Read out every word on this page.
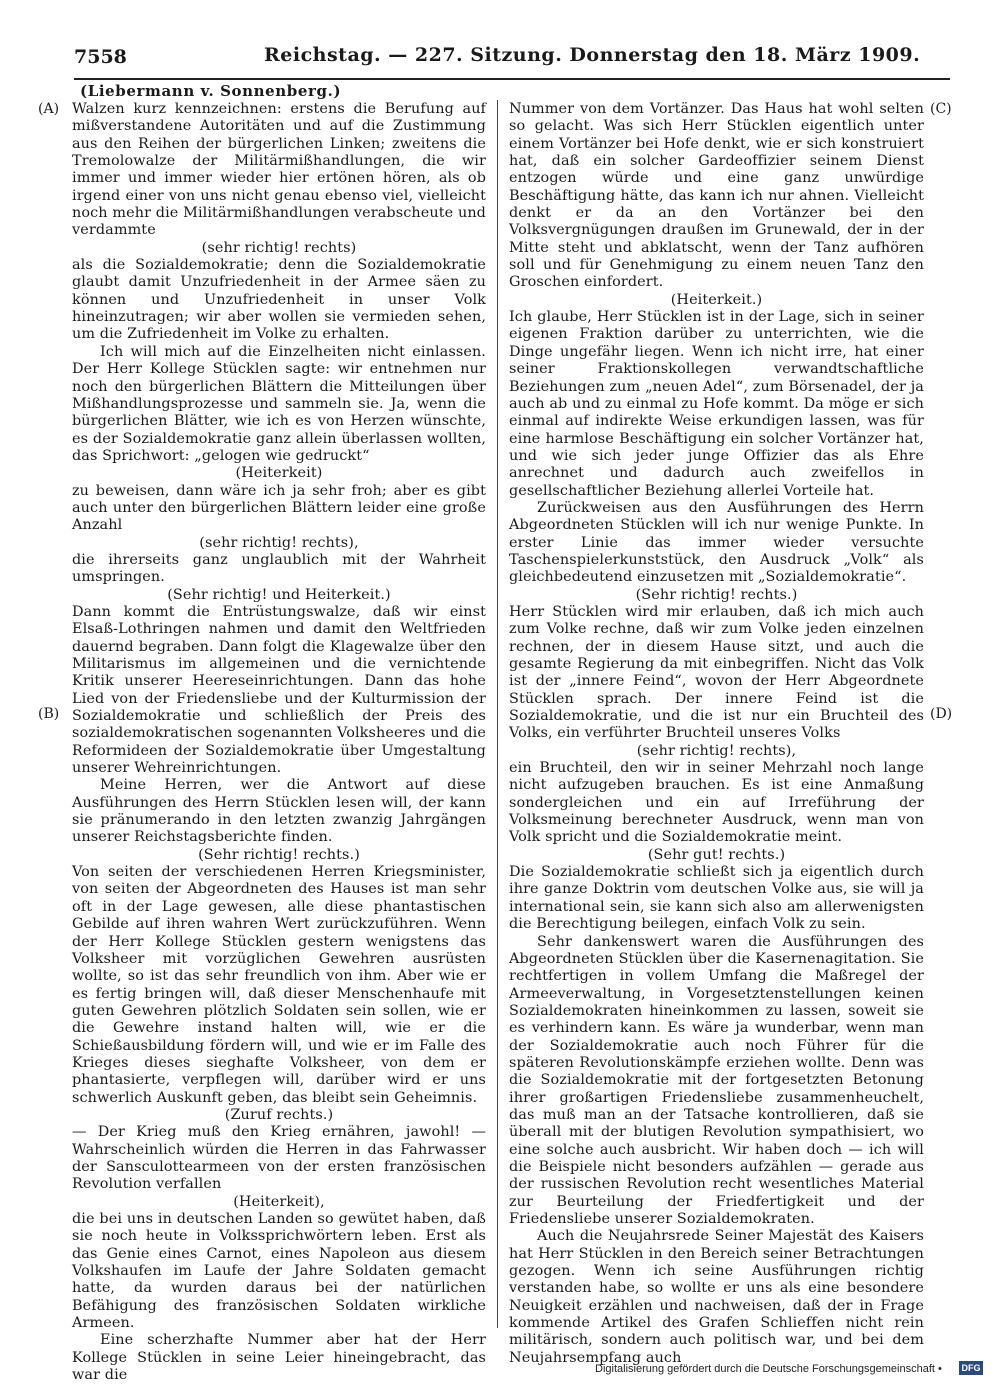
7558	Reichstag. — 227. Sitzung. Donnerstag den 18. März 1909.
(Liebermann v. Sonnenberg.)
(A)
(B)
(C)
(D)

Walzen kurz kennzeichnen: erstens die Berufung auf mißverstandene Autoritäten und auf die Zustimmung aus den Reihen der bürgerlichen Linken; zweitens die Tremolowalze der Militärmißhandlungen, die wir immer und immer wieder hier ertönen hören, als ob irgend einer von uns nicht genau ebenso viel, vielleicht noch mehr die Militärmißhandlungen verabscheute und verdammte

(sehr richtig! rechts)

als die Sozialdemokratie; denn die Sozialdemokratie glaubt damit Unzufriedenheit in der Armee säen zu können und Unzufriedenheit in unser Volk hineinzutragen; wir aber wollen sie vermieden sehen, um die Zufriedenheit im Volke zu erhalten.

Ich will mich auf die Einzelheiten nicht einlassen. Der Herr Kollege Stücklen sagte: wir entnehmen nur noch den bürgerlichen Blättern die Mitteilungen über Mißhandlungsprozesse und sammeln sie. Ja, wenn die bürgerlichen Blätter, wie ich es von Herzen wünschte, es der Sozialdemokratie ganz allein überlassen wollten, das Sprichwort: „gelogen wie gedruckt“

(Heiterkeit)

zu beweisen, dann wäre ich ja sehr froh; aber es gibt auch unter den bürgerlichen Blättern leider eine große Anzahl

(sehr richtig! rechts),

die ihrerseits ganz unglaublich mit der Wahrheit umspringen.

(Sehr richtig! und Heiterkeit.)

Dann kommt die Entrüstungswalze, daß wir einst Elsaß-Lothringen nahmen und damit den Weltfrieden dauernd begraben. Dann folgt die Klagewalze über den Militarismus im allgemeinen und die vernichtende Kritik unserer Heereseinrichtungen. Dann das hohe Lied von der Friedensliebe und der Kulturmission der Sozialdemokratie und schließlich der Preis des sozialdemokratischen sogenannten Volksheeres und die Reformideen der Sozialdemokratie über Umgestaltung unserer Wehreinrichtungen.

Meine Herren, wer die Antwort auf diese Ausführungen des Herrn Stücklen lesen will, der kann sie pränumerando in den letzten zwanzig Jahrgängen unserer Reichstagsberichte finden.

(Sehr richtig! rechts.)

Von seiten der verschiedenen Herren Kriegsminister, von seiten der Abgeordneten des Hauses ist man sehr oft in der Lage gewesen, alle diese phantastischen Gebilde auf ihren wahren Wert zurückzuführen. Wenn der Herr Kollege Stücklen gestern wenigstens das Volksheer mit vorzüglichen Gewehren ausrüsten wollte, so ist das sehr freundlich von ihm. Aber wie er es fertig bringen will, daß dieser Menschenhaufe mit guten Gewehren plötzlich Soldaten sein sollen, wie er die Gewehre instand halten will, wie er die Schießausbildung fördern will, und wie er im Falle des Krieges dieses sieghafte Volksheer, von dem er phantasierte, verpflegen will, darüber wird er uns schwerlich Auskunft geben, das bleibt sein Geheimnis.

(Zuruf rechts.)

— Der Krieg muß den Krieg ernähren, jawohl! — Wahrscheinlich würden die Herren in das Fahrwasser der Sansculottearmeen von der ersten französischen Revolution verfallen

(Heiterkeit),

die bei uns in deutschen Landen so gewütet haben, daß sie noch heute in Volkssprichwörtern leben. Erst als das Genie eines Carnot, eines Napoleon aus diesem Volkshaufen im Laufe der Jahre Soldaten gemacht hatte, da wurden daraus bei der natürlichen Befähigung des französischen Soldaten wirkliche Armeen.

Eine scherzhafte Nummer aber hat der Herr Kollege Stücklen in seine Leier hineingebracht, das war die

Nummer von dem Vortänzer. Das Haus hat wohl selten so gelacht. Was sich Herr Stücklen eigentlich unter einem Vortänzer bei Hofe denkt, wie er sich konstruiert hat, daß ein solcher Gardeoffizier seinem Dienst entzogen würde und eine ganz unwürdige Beschäftigung hätte, das kann ich nur ahnen. Vielleicht denkt er da an den Vortänzer bei den Volksvergnügungen draußen im Grunewald, der in der Mitte steht und abklatscht, wenn der Tanz aufhören soll und für Genehmigung zu einem neuen Tanz den Groschen einfordert.

(Heiterkeit.)

Ich glaube, Herr Stücklen ist in der Lage, sich in seiner eigenen Fraktion darüber zu unterrichten, wie die Dinge ungefähr liegen. Wenn ich nicht irre, hat einer seiner Fraktionskollegen verwandtschaftliche Beziehungen zum „neuen Adel“, zum Börsenadel, der ja auch ab und zu einmal zu Hofe kommt. Da möge er sich einmal auf indirekte Weise erkundigen lassen, was für eine harmlose Beschäftigung ein solcher Vortänzer hat, und wie sich jeder junge Offizier das als Ehre anrechnet und dadurch auch zweifellos in gesellschaftlicher Beziehung allerlei Vorteile hat.

Zurückweisen aus den Ausführungen des Herrn Abgeordneten Stücklen will ich nur wenige Punkte. In erster Linie das immer wieder versuchte Taschenspielerkunststück, den Ausdruck „Volk“ als gleichbedeutend einzusetzen mit „Sozialdemokratie“.

(Sehr richtig! rechts.)

Herr Stücklen wird mir erlauben, daß ich mich auch zum Volke rechne, daß wir zum Volke jeden einzelnen rechnen, der in diesem Hause sitzt, und auch die gesamte Regierung da mit einbegriffen. Nicht das Volk ist der „innere Feind“, wovon der Herr Abgeordnete Stücklen sprach. Der innere Feind ist die Sozialdemokratie, und die ist nur ein Bruchteil des Volks, ein verführter Bruchteil unseres Volks

(sehr richtig! rechts),

ein Bruchteil, den wir in seiner Mehrzahl noch lange nicht aufzugeben brauchen. Es ist eine Anmaßung sondergleichen und ein auf Irreführung der Volksmeinung berechneter Ausdruck, wenn man von Volk spricht und die Sozialdemokratie meint.

(Sehr gut! rechts.)

Die Sozialdemokratie schließt sich ja eigentlich durch ihre ganze Doktrin vom deutschen Volke aus, sie will ja international sein, sie kann sich also am allerwenigsten die Berechtigung beilegen, einfach Volk zu sein.

Sehr dankenswert waren die Ausführungen des Abgeordneten Stücklen über die Kasernenagitation. Sie rechtfertigen in vollem Umfang die Maßregel der Armeeverwaltung, in Vorgesetztenstellungen keinen Sozialdemokraten hineinkommen zu lassen, soweit sie es verhindern kann. Es wäre ja wunderbar, wenn man der Sozialdemokratie auch noch Führer für die späteren Revolutionskämpfe erziehen wollte. Denn was die Sozialdemokratie mit der fortgesetzten Betonung ihrer großartigen Friedensliebe zusammenheuchelt, das muß man an der Tatsache kontrollieren, daß sie überall mit der blutigen Revolution sympathisiert, wo eine solche auch ausbricht. Wir haben doch — ich will die Beispiele nicht besonders aufzählen — gerade aus der russischen Revolution recht wesentliches Material zur Beurteilung der Friedfertigkeit und der Friedensliebe unserer Sozialdemokraten.

Auch die Neujahrsrede Seiner Majestät des Kaisers hat Herr Stücklen in den Bereich seiner Betrachtungen gezogen. Wenn ich seine Ausführungen richtig verstanden habe, so wollte er uns als eine besondere Neuigkeit erzählen und nachweisen, daß der in Frage kommende Artikel des Grafen Schlieffen nicht rein militärisch, sondern auch politisch war, und bei dem Neujahrsempfang auch

Digitalisierung gefördert durch die Deutsche Forschungsgemeinschaft • DFG
